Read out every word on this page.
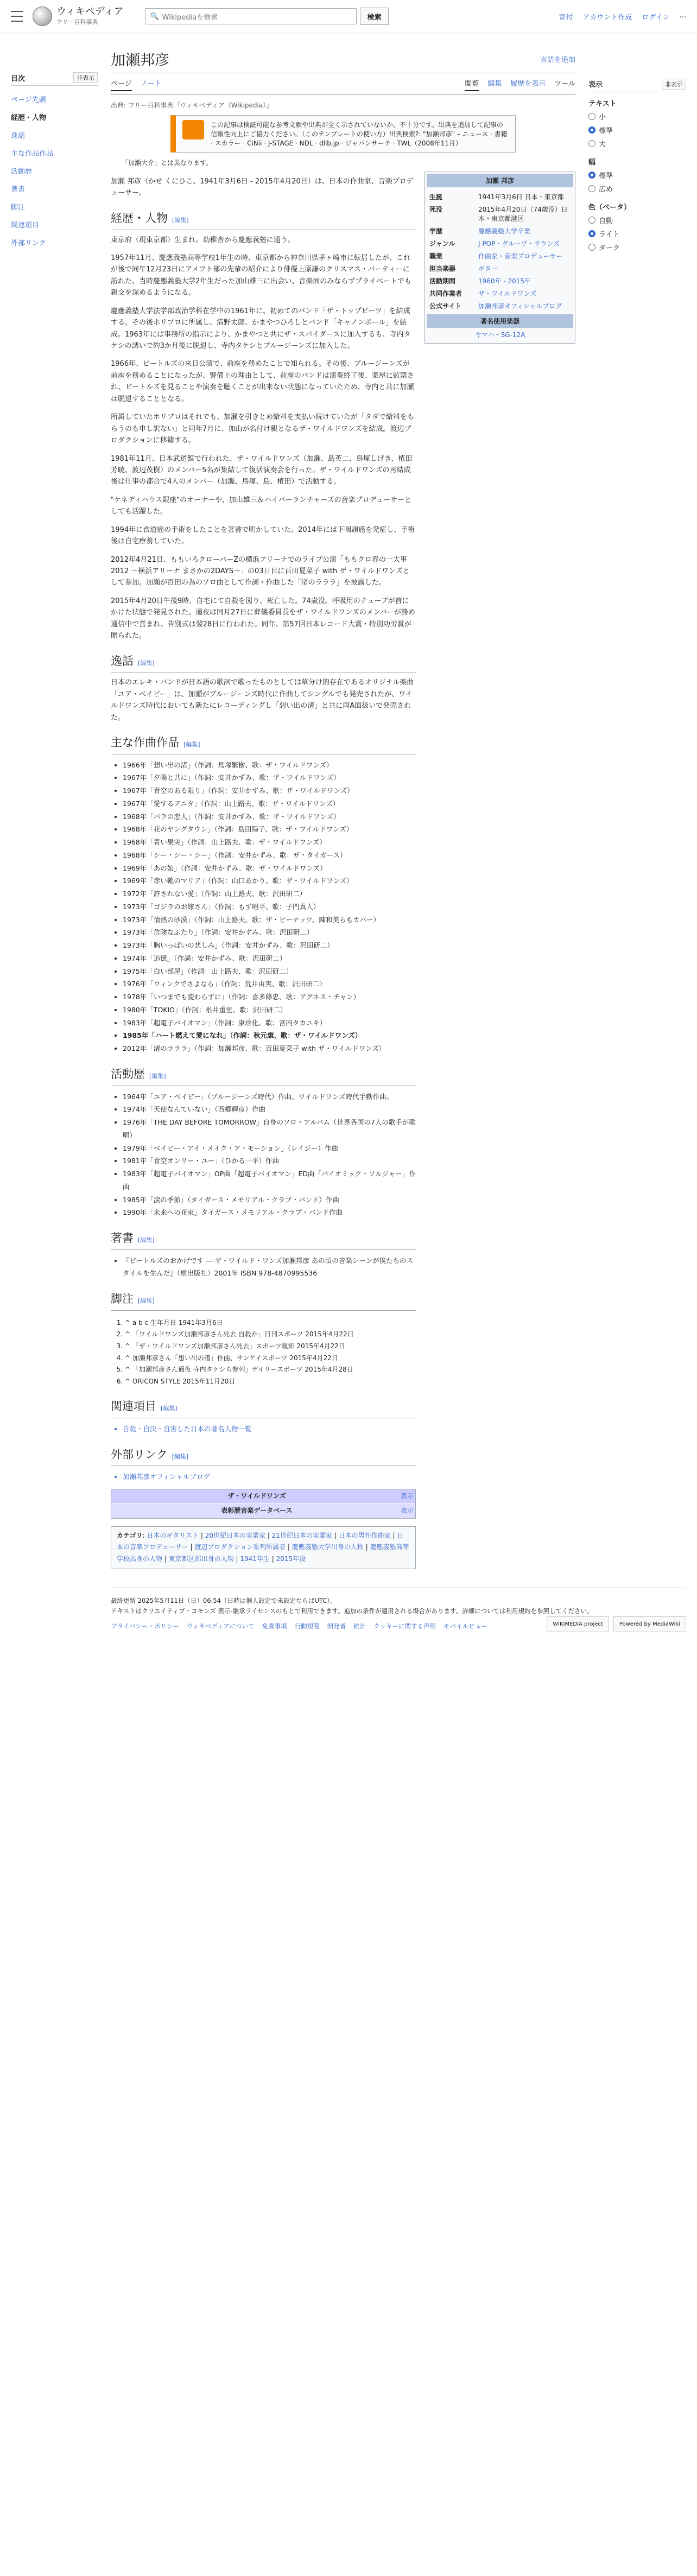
ウィキペディア
フリー百科事典
🔍 Wikipediaを検索	検索	寄付 アカウント作成 ログイン ...
目次	非表示
ページ先頭
経歴・人物
逸話
主な作品作品
活動歴
著書
脚注
関連項目
外部リンク
加瀬邦彦	言語を追加
ページ ノート	閲覧 編集 履歴を表示 ツール
出典: フリー百科事典『ウィキペディア（Wikipedia）』
この記事は検証可能な参考文献や出典が全く示されていないか、不十分です。出典を追加して記事の信頼性向上にご協力ください。（このテンプレートの使い方）出典検索?: "加瀬邦彦" – ニュース · 書籍 · スカラー · CiNii · J-STAGE · NDL · dlib.jp · ジャパンサーチ · TWL（2008年11月）
「加瀬大介」とは異なります。

加瀬 邦彦（かせ くにひこ、1941年3月6日 - 2015年4月20日）は、日本の作曲家、音楽プロデューサー。

経歴・人物 [編集]

東京府（現東京都）生まれ。幼稚舎から慶應義塾に通う。

1957年11月、慶應義塾高等学校1年生の時、東京都から神奈川県茅ヶ崎市に転居したが、これが後で同年12月23日にアメフト部の先輩の紹介により俳優上原謙のクリスマス・パーティーに訪れた。当時慶應義塾大学2年生だった加山雄三に出会い、音楽面のみならずプライベートでも親交を深めるようになる。

慶應義塾大学法学部政治学科在学中の1961年に、初めてのバンド「ザ・トップビーツ」を結成する。その後ホリプロに所属し、清野太郎、かまやつひろしとバンド「キャノンボール」を結成。1963年には事務所の指示により、かまやつと共にザ・スパイダースに加入するも、寺内タケシの誘いで約3か月後に脱退し、寺内タケシとブルージーンズに加入した。

1966年、ビートルズの来日公演で、前座を務めたことで知られる。その後、ブルージーンズが前座を務めることになったが、警備上の理由として、前座のバンドは演奏終了後、楽屋に監禁され、ビートルズを見ることや演奏を聴くことが出来ない状態になっていたため、寺内と共に加瀬は脱退することとなる。

所属していたホリプロはそれでも、加瀬を引きとめ給料を支払い続けていたが「タダで給料をもらうのも申し訳ない」と同年7月に、加山が名付け親となるザ・ワイルドワンズを結成。渡辺プロダクションに移籍する。

1981年11月、日本武道館で行われた、ザ・ワイルドワンズ（加瀬、島英二、鳥塚しげき、植田芳暁、渡辺茂樹）のメンバー5名が集結して復活演奏会を行った。ザ・ワイルドワンズの再結成後は仕事の都合で4人のメンバー（加瀬、鳥塚、島、植田）で活動する。

"ケネディハウス銀座"のオーナーや、加山雄三＆ハイパーランチャーズの音楽プロデューサーとしても活躍した。

1994年に食道癌の手術をしたことを著書で明かしていた。2014年には下咽頭癌を発症し、手術後は自宅療養していた。

2012年4月21日、ももいろクローバーZの横浜アリーナでのライブ公演「ももクロ春の一大事2012 ～横浜アリーナ まさかの2DAYS～」の03日目に百田夏菜子 with ザ・ワイルドワンズとして参加。加瀬が百田の為のソロ曲として作詞・作曲した「渚のラララ」を披露した。

2015年4月20日午後9時、自宅にて自殺を図り、死亡した。74歳没。呼吸用のチューブが首にかけた状態で発見された。通夜は同月27日に葬儀委員長をザ・ワイルドワンズのメンバーが務め通信中で営まれ、告別式は翌28日に行われた。同年、第57回日本レコード大賞・特別功労賞が贈られた。

逸話 [編集]

日本のエレキ・バンドが日本語の歌詞で歌ったものとしては草分け的存在であるオリジナル楽曲「ユア・ベイビー」は、加瀬がブルージーンズ時代に作曲してシングルでも発売されたが、ワイルドワンズ時代においても新たにレコーディングし「想い出の渚」と共に両A面扱いで発売された。

主な作曲作品 [編集]
• 1966年「想い出の渚」（作詞：鳥塚繁樹、歌：ザ・ワイルドワンズ）
• 1967年「夕陽と共に」（作詞：安井かずみ、歌：ザ・ワイルドワンズ）
• 1967年「青空のある限り」（作詞：安井かずみ、歌：ザ・ワイルドワンズ）
• 1967年「愛するアニタ」（作詞：山上路夫、歌：ザ・ワイルドワンズ）
• 1968年「バラの恋人」（作詞：安井かずみ、歌：ザ・ワイルドワンズ）
• 1968年「花のヤングタウン」（作詞：島田陽子、歌：ザ・ワイルドワンズ）
• 1968年「青い果実」（作詞：山上路夫、歌：ザ・ワイルドワンズ）
• 1968年「シー・シー・シー」（作詞：安井かずみ、歌：ザ・タイガース）
• 1969年「あの娘」（作詞：安井かずみ、歌：ザ・ワイルドワンズ）
• 1969年「赤い靴のマリア」（作詞：山口あかり、歌：ザ・ワイルドワンズ）
• 1972年「許されない愛」（作詞：山上路夫、歌：沢田研二）
• 1973年「ゴジラのお嫁さん」（作詞：もず唱平、歌：子門真人）
• 1973年「情熱の砂漠」（作詞：山上路夫、歌：ザ・ピーナッツ、陳和美らもカバー）
• 1973年「危険なふたり」（作詞：安井かずみ、歌：沢田研二）
• 1973年「胸いっぱいの悲しみ」（作詞：安井かずみ、歌：沢田研二）
• 1974年「追憶」（作詞：安井かずみ、歌：沢田研二）
• 1975年「白い部屋」（作詞：山上路夫、歌：沢田研二）
• 1976年「ウィンクでさよなら」（作詞：荒井由実、歌：沢田研二）
• 1978年「いつまでも変わらずに」（作詞：喜多條忠、歌：アグネス・チャン）
• 1980年「TOKIO」（作詞：糸井重里、歌：沢田研二）
• 1983年「超電子バイオマン」（作詞：康珍化、歌：宮内タカユキ）
• 1985年「ハート燃えて愛になれ」（作詞：秋元康、歌：ザ・ワイルドワンズ）
• 2012年「渚のラララ」（作詞：加瀬邦彦、歌：百田夏菜子 with ザ・ワイルドワンズ）
活動歴 [編集]
• 1964年「ユア・ベイビー」（ブルージーンズ時代）作曲、ワイルドワンズ時代手動作曲。
• 1974年「天使なんていない」（西郷輝彦）作曲
• 1976年「THE DAY BEFORE TOMORROW」自身のソロ・アルバム（世界各国の7人の歌手が歌唱）
• 1979年「ベイビー・アイ・メイク・ア・モーション」（レイジー）作曲
• 1981年「青空オンリー・ユー」（ひかる一平）作曲
• 1983年「超電子バイオマン」OP曲「超電子バイオマン」ED曲「バイオミック・ソルジャー」作曲
• 1985年「涙の季節」（タイガース・メモリアル・クラブ・バンド）作曲
• 1990年「未来への花束」タイガース・メモリアル・クラブ・バンド作曲
著書 [編集]
• 『ビートルズのおかげです ― ザ・ワイルド・ワンズ加瀬邦彦 あの頃の音楽シーンが僕たちのスタイルを生んだ』（枻出版社）2001年 ISBN 978-4870995536
脚注 [編集]
1. ^ a b c 生年月日 1941年3月6日
2. ^ 「ワイルドワンズ加瀬邦彦さん死去 自殺か」日刊スポーツ 2015年4月22日
3. ^ 「ザ・ワイルドワンズ加瀬邦彦さん死去」スポーツ報知 2015年4月22日
4. ^ 加瀬邦彦さん「想い出の渚」作曲、サンケイスポーツ 2015年4月22日
5. ^ 「加瀬邦彦さん通夜 寺内タケシら参列」デイリースポーツ 2015年4月28日
6. ^ ORICON STYLE 2015年11月20日
関連項目 [編集]
• 自殺・自決・自害した日本の著名人物一覧
外部リンク [編集]
• 加瀬邦彦オフィシャルブログ
ザ・ワイルドワンズ	表示
表彰歴音楽データベース	表示
カテゴリ: 日本のギタリスト | 20世紀日本の実業家 | 21世紀日本の実業家 | 日本の男性作曲家 | 日本の音楽プロデューサー | 渡辺プロダクション系列所属者 | 慶應義塾大学出身の人物 | 慶應義塾高等学校出身の人物 | 東京都区部出身の人物 | 1941年生 | 2015年没
加瀬 邦彦
生誕	1941年3月6日 日本・東京都
死没	2015年4月20日（74歳没）日本・東京都港区
学歴	慶應義塾大学卒業
ジャンル	J-POP・グループ・サウンズ
職業	作曲家・音楽プロデューサー
担当楽器	ギター
活動期間	1960年 - 2015年
共同作業者	ザ・ワイルドワンズ
公式サイト	加瀬邦彦オフィシャルブログ
著名使用楽器
ヤマハ・SG-12A
表示	非表示
テキスト
小
標準
大
幅
標準
広め
色（ベータ）
自動
ライト
ダーク
最終更新 2025年5月11日（日）06:54（日時は個人設定で未設定ならばUTC）。
テキストはクリエイティブ・コモンズ 表示-継承ライセンスのもとで利用できます。追加の条件が適用される場合があります。詳細については利用規約を参照してください。
プライバシー・ポリシー ウィキペディアについて 免責事項 行動規範 開発者 統計 クッキーに関する声明 モバイルビュー	WIKIMEDIA project	Powered by MediaWiki
